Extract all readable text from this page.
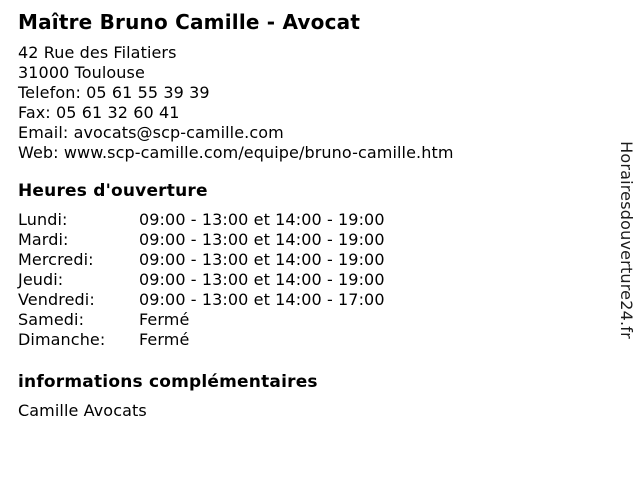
Maître Bruno Camille - Avocat
42 Rue des Filatiers
31000 Toulouse
Telefon: 05 61 55 39 39
Fax: 05 61 32 60 41
Email: avocats@scp-camille.com
Web: www.scp-camille.com/equipe/bruno-camille.htm
Heures d'ouverture
Lundi:	09:00 - 13:00 et 14:00 - 19:00
Mardi:	09:00 - 13:00 et 14:00 - 19:00
Mercredi:	09:00 - 13:00 et 14:00 - 19:00
Jeudi:	09:00 - 13:00 et 14:00 - 19:00
Vendredi:	09:00 - 13:00 et 14:00 - 17:00
Samedi:	Fermé
Dimanche:	Fermé
informations complémentaires
Camille Avocats
Horairesdouverture24.fr
